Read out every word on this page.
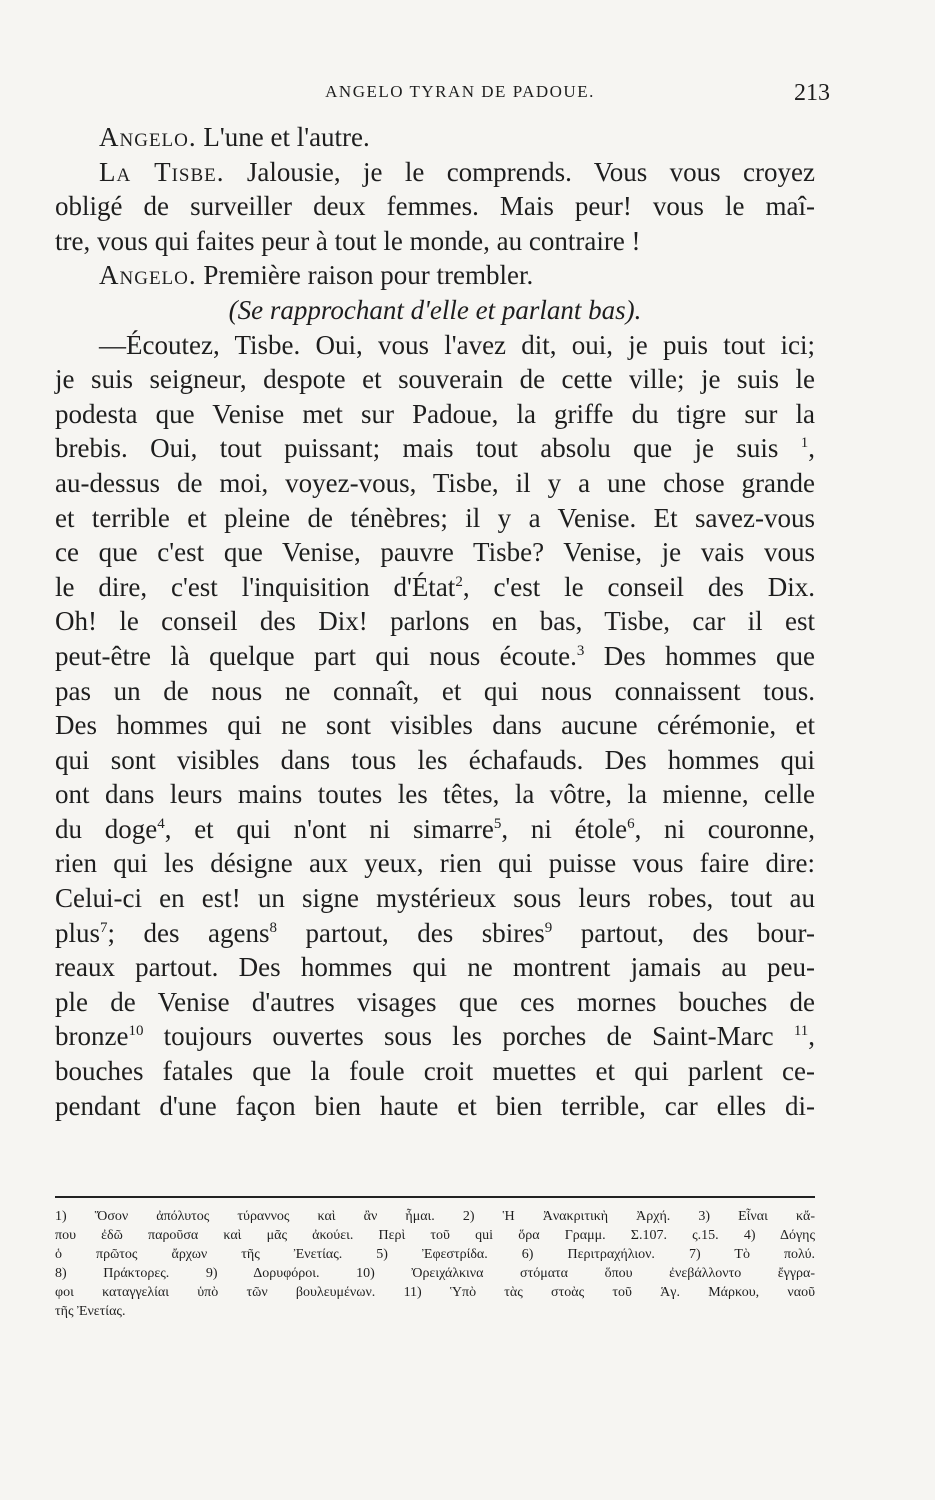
ANGELO TYRAN DE PADOUE.	213
Angelo. L'une et l'autre.
La Tisbe. Jalousie, je le comprends. Vous vous croyez
obligé de surveiller deux femmes. Mais peur! vous le maî-
tre, vous qui faites peur à tout le monde, au contraire !
Angelo. Première raison pour trembler.
(Se rapprochant d'elle et parlant bas).
—Écoutez, Tisbe. Oui, vous l'avez dit, oui, je puis tout ici;
je suis seigneur, despote et souverain de cette ville; je suis le
podesta que Venise met sur Padoue, la griffe du tigre sur la
brebis. Oui, tout puissant; mais tout absolu que je suis $^1$,
au-dessus de moi, voyez-vous, Tisbe, il y a une chose grande
et terrible et pleine de ténèbres; il y a Venise. Et savez-vous
ce que c'est que Venise, pauvre Tisbe? Venise, je vais vous
le dire, c'est l'inquisition d'État$^2$, c'est le conseil des Dix.
Oh! le conseil des Dix! parlons en bas, Tisbe, car il est
peut-être là quelque part qui nous écoute.$^3$ Des hommes que
pas un de nous ne connaît, et qui nous connaissent tous.
Des hommes qui ne sont visibles dans aucune cérémonie, et
qui sont visibles dans tous les échafauds. Des hommes qui
ont dans leurs mains toutes les têtes, la vôtre, la mienne, celle
du doge$^4$, et qui n'ont ni simarre$^5$, ni étole$^6$, ni couronne,
rien qui les désigne aux yeux, rien qui puisse vous faire dire:
Celui-ci en est! un signe mystérieux sous leurs robes, tout au
plus$^7$; des agens$^8$ partout, des sbires$^9$ partout, des bour-
reaux partout. Des hommes qui ne montrent jamais au peu-
ple de Venise d'autres visages que ces mornes bouches de
bronze$^{10}$ toujours ouvertes sous les porches de Saint-Marc $^{11}$,
bouches fatales que la foule croit muettes et qui parlent ce-
pendant d'une façon bien haute et bien terrible, car elles di-
1) Ὅσον ἀπόλυτος τύραννος καὶ ἂν ἦμαι. 2) Ἡ Ἀνακριτικὴ Ἀρχή. 3) Εἶναι κἄ-
που ἐδῶ παροῦσα καὶ μᾶς ἀκούει. Περὶ τοῦ qui ὅρα Γραμμ. Σ.107. ς.15. 4) Δόγης
ὁ πρῶτος ἄρχων τῆς Ἐνετίας. 5) Ἐφεστρίδα. 6) Περιτραχήλιον. 7) Τὸ πολύ.
8) Πράκτορες.	9) Δορυφόροι.	10) Ὀρειχάλκινα στόματα ὅπου ἐνεβάλλοντο ἔγγρα-
φοι καταγγελίαι ὑπὸ τῶν βουλευμένων. 11) Ὑπὸ τὰς στοὰς τοῦ Ἁγ. Μάρκου, ναοῦ
τῆς Ἐνετίας.
